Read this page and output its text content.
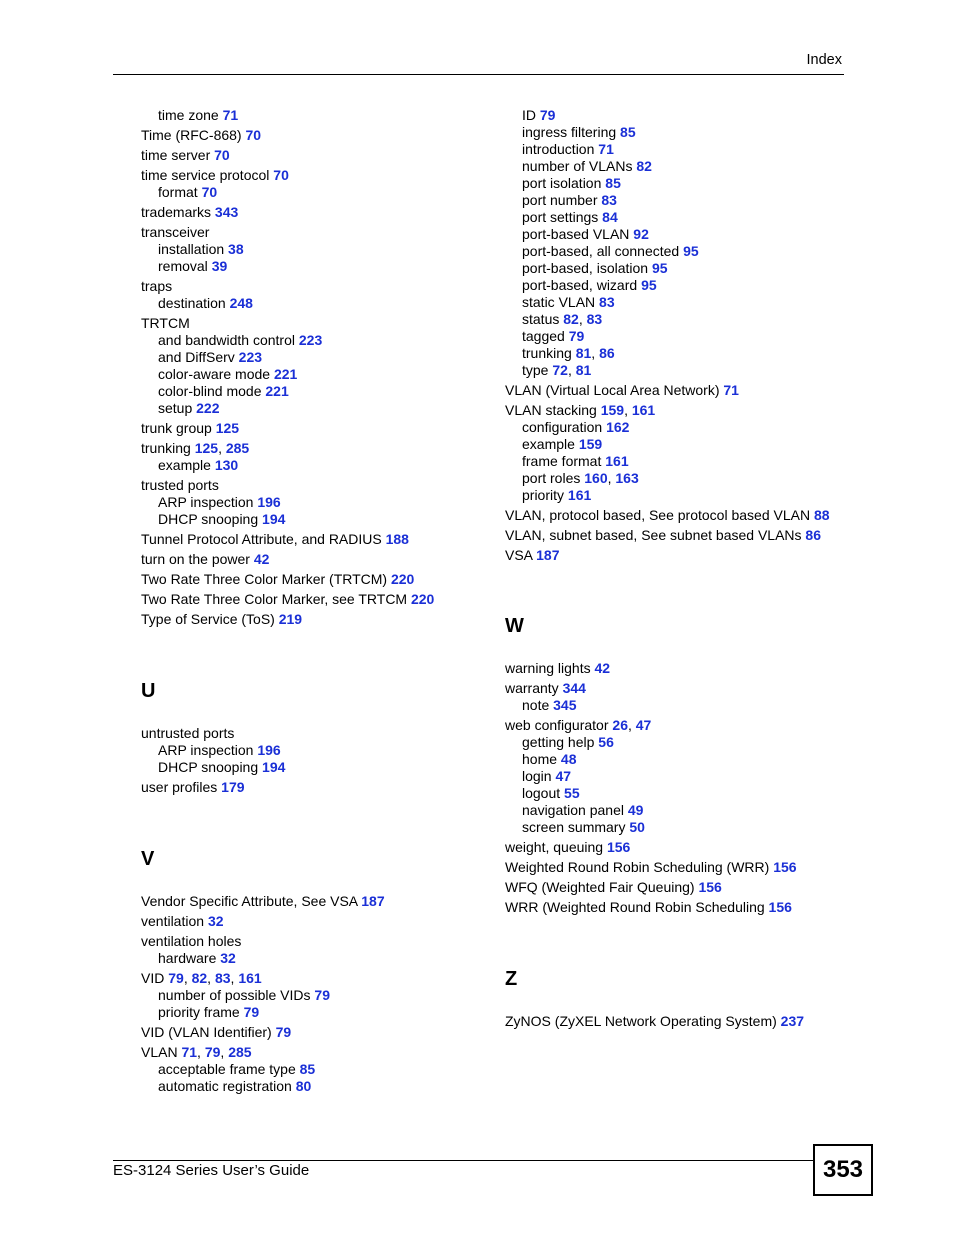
Index
time zone 71
Time (RFC-868) 70
time server 70
time service protocol 70
format 70
trademarks 343
transceiver
installation 38
removal 39
traps
destination 248
TRTCM
and bandwidth control 223
and DiffServ 223
color-aware mode 221
color-blind mode 221
setup 222
trunk group 125
trunking 125, 285
example 130
trusted ports
ARP inspection 196
DHCP snooping 194
Tunnel Protocol Attribute, and RADIUS 188
turn on the power 42
Two Rate Three Color Marker (TRTCM) 220
Two Rate Three Color Marker, see TRTCM 220
Type of Service (ToS) 219
U
untrusted ports
ARP inspection 196
DHCP snooping 194
user profiles 179
V
Vendor Specific Attribute, See VSA 187
ventilation 32
ventilation holes
hardware 32
VID 79, 82, 83, 161
number of possible VIDs 79
priority frame 79
VID (VLAN Identifier) 79
VLAN 71, 79, 285
acceptable frame type 85
automatic registration 80
ID 79
ingress filtering 85
introduction 71
number of VLANs 82
port isolation 85
port number 83
port settings 84
port-based VLAN 92
port-based, all connected 95
port-based, isolation 95
port-based, wizard 95
static VLAN 83
status 82, 83
tagged 79
trunking 81, 86
type 72, 81
VLAN (Virtual Local Area Network) 71
VLAN stacking 159, 161
configuration 162
example 159
frame format 161
port roles 160, 163
priority 161
VLAN, protocol based, See protocol based VLAN 88
VLAN, subnet based, See subnet based VLANs 86
VSA 187
W
warning lights 42
warranty 344
note 345
web configurator 26, 47
getting help 56
home 48
login 47
logout 55
navigation panel 49
screen summary 50
weight, queuing 156
Weighted Round Robin Scheduling (WRR) 156
WFQ (Weighted Fair Queuing) 156
WRR (Weighted Round Robin Scheduling 156
Z
ZyNOS (ZyXEL Network Operating System) 237
ES-3124 Series User’s Guide	353
